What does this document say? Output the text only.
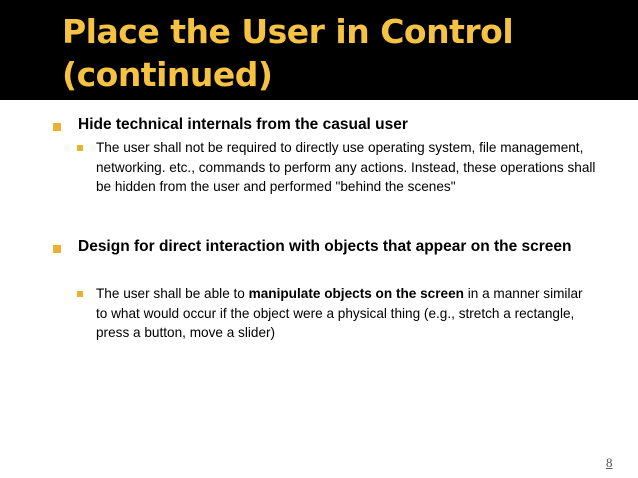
Place the User in Control
(continued)
Hide technical internals from the casual user
The user shall not be required to directly use operating system, file management, networking. etc., commands to perform any actions. Instead, these operations shall be hidden from the user and performed "behind the scenes"
Design for direct interaction with objects that appear on the screen
The user shall be able to manipulate objects on the screen in a manner similar to what would occur if the object were a physical thing (e.g., stretch a rectangle, press a button, move a slider)
8
